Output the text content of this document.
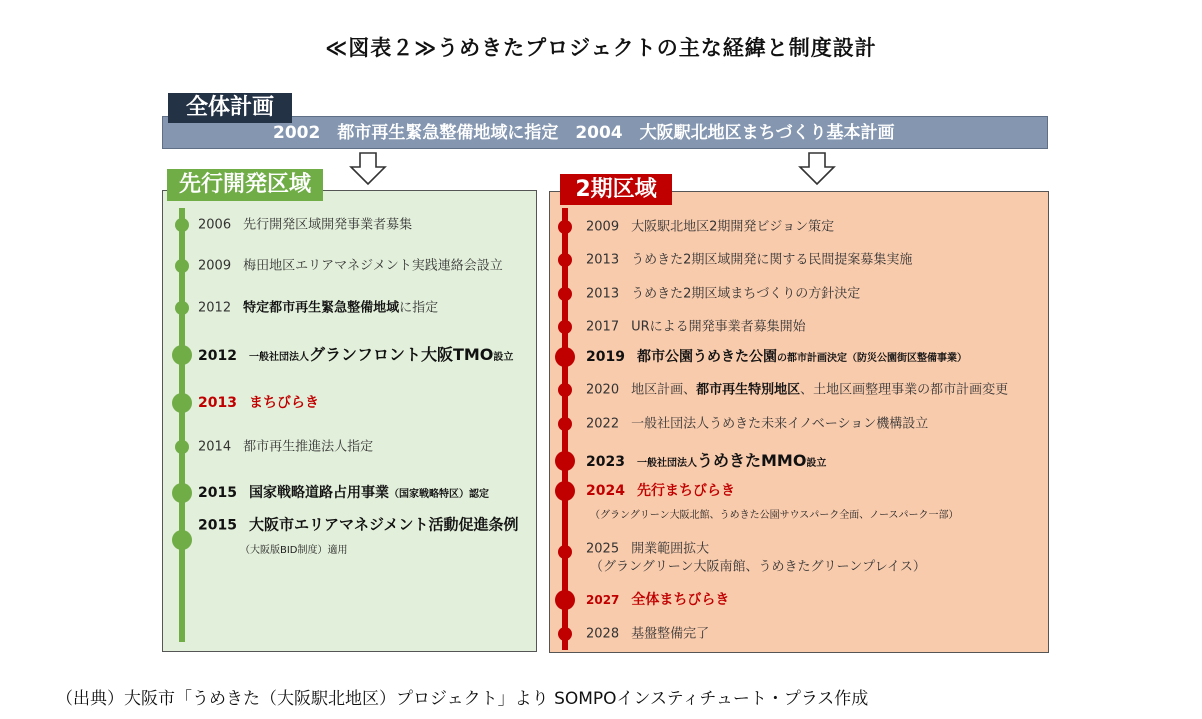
≪図表２≫うめきたプロジェクトの主な経緯と制度設計
2002　都市再生緊急整備地域に指定　2004　大阪駅北地区まちづくり基本計画
全体計画
先行開発区域	2期区域
2006 先行開発区域開発事業者募集
2009 梅田地区エリアマネジメント実践連絡会設立
2012 特定都市再生緊急整備地域に指定
2012 一般社団法人グランフロント大阪TMO設立
2013 まちびらき
2014 都市再生推進法人指定
2015 国家戦略道路占用事業（国家戦略特区）認定
2015 大阪市エリアマネジメント活動促進条例
（大阪版BID制度）適用
2009 大阪駅北地区2期開発ビジョン策定
2013 うめきた2期区域開発に関する民間提案募集実施
2013 うめきた2期区域まちづくりの方針決定
2017 URによる開発事業者募集開始
2019 都市公園うめきた公園の都市計画決定（防災公園街区整備事業）
2020 地区計画、都市再生特別地区、土地区画整理事業の都市計画変更
2022 一般社団法人うめきた未来イノベーション機構設立
2023 一般社団法人うめきたMMO設立
2024 先行まちびらき
（グラングリーン大阪北館、うめきた公園サウスパーク全面、ノースパーク一部）
2025 開業範囲拡大
（グラングリーン大阪南館、うめきたグリーンプレイス）
2027 全体まちびらき
2028 基盤整備完了
（出典）大阪市「うめきた（大阪駅北地区）プロジェクト」より SOMPOインスティチュート・プラス作成
